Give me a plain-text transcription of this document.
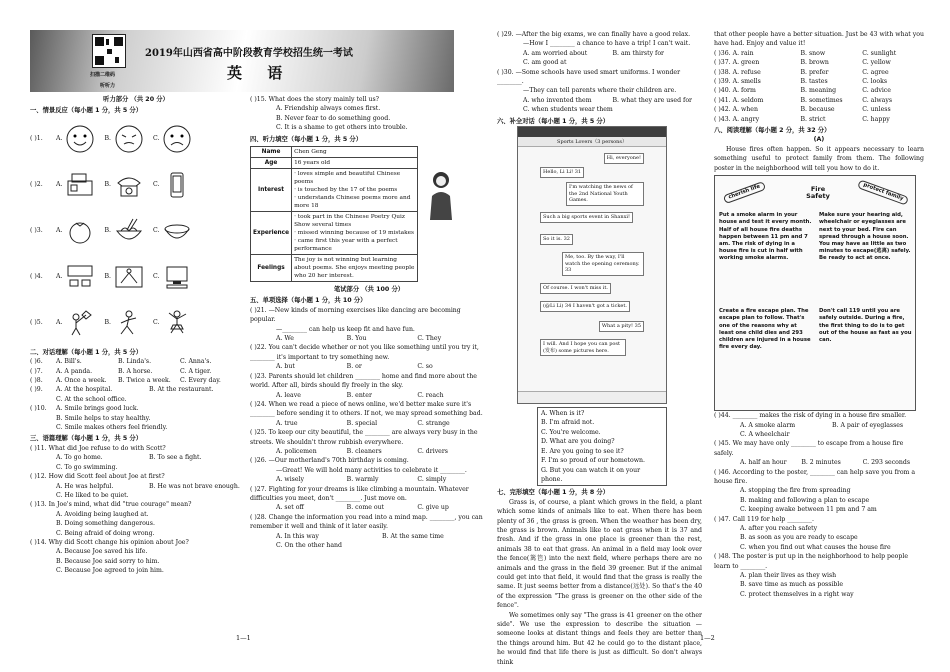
扫描二维码
听听力
2019年山西省高中阶段教育学校招生统一考试
英 语
听力部分 （共 20 分）
一、情景反应（每小题 1 分，共 5 分）
( )1.	A.	B.	C.
( )2.	A.	B.	C.
( )3.	A.	B.	C.
( )4.	A.	B.	C.
( )5.	A.	B.	C.
二、对话理解（每小题 1 分，共 5 分）
( )6.	A. Bill's.	B. Linda's.	C. Anna's.
( )7.	A. A panda.	B. A horse.	C. A tiger.
( )8.	A. Once a week.	B. Twice a week.	C. Every day.
( )9.	A. At the hospital.	B. At the restaurant.
C. At the school office.
( )10.	A. Smile brings good luck.
B. Smile helps to stay healthy.
C. Smile makes others feel friendly.
三、语篇理解（每小题 1 分，共 5 分）
( )11. What did Joe refuse to do with Scott?
A. To go home.	B. To see a fight.
C. To go swimming.
( )12. How did Scott feel about Joe at first?
A. He was helpful.	B. He was not brave enough.
C. He liked to be quiet.
( )13. In Joe's mind, what did "true courage" mean?
A. Avoiding being laughed at.
B. Doing something dangerous.
C. Being afraid of doing wrong.
( )14. Why did Scott change his opinion about Joe?
A. Because Joe saved his life.
B. Because Joe said sorry to him.
C. Because Joe agreed to join him.
( )15. What does the story mainly tell us?
A. Friendship always comes first.
B. Never fear to do something good.
C. It is a shame to get others into trouble.
四、听力填空（每小题 1 分，共 5 分）
Name	Chen Geng
Age	16 years old
Interest	· loves simple and beautiful Chinese poems
· is touched by the 17 of the poems
· understands Chinese poems more and more 18

Experience	· took part in the Chinese Poetry Quiz Show several times
· missed winning because of 19 mistakes
· came first this year with a perfect performance

Feelings	The joy is not winning but learning about poems. She enjoys meeting people who 20 her interest.
笔试部分 （共 100 分）
五、单项选择（每小题 1 分，共 10 分）
( )21. —New kinds of morning exercises like dancing are becoming popular.
—________ can help us keep fit and have fun.
A. We	B. You	C. They
( )22. You can't decide whether or not you like something until you try it, ________ it's important to try something new.
A. but	B. or	C. so
( )23. Parents should let children ________ home and find more about the world. After all, birds should fly freely in the sky.
A. leave	B. enter	C. reach
( )24. When we read a piece of news online, we'd better make sure it's ________ before sending it to others. If not, we may spread something bad.
A. true	B. special	C. strange
( )25. To keep our city beautiful, the ________ are always very busy in the streets. We shouldn't throw rubbish everywhere.
A. policemen	B. cleaners	C. drivers
( )26. —Our motherland's 70th birthday is coming.
—Great! We will hold many activities to celebrate it ________.
A. wisely	B. warmly	C. simply
( )27. Fighting for your dreams is like climbing a mountain. Whatever difficulties you meet, don't ________. Just move on.
A. set off	B. come out	C. give up
( )28. Change the information you read into a mind map. ________, you can remember it well and think of it later easily.
A. In this way	B. At the same time
C. On the other hand
( )29. —After the big exams, we can finally have a good relax.
—How I ________ a chance to have a trip! I can't wait.
A. am worried about	B. am thirsty for
C. am good at
( )30. —Some schools have used smart uniforms. I wonder ________.
—They can tell parents where their children are.
A. who invented them	B. what they are used for
C. when students wear them
六、补全对话（每小题 1 分，共 5 分）
Sports Lovers（3 persons）
Hi, everyone!
Hello, Li Li! 31
I'm watching the news of the 2nd National Youth Games.
Such a big sports event in Shanxi!
So it is. 32
Me, too. By the way, I'll watch the opening ceremony. 33
Of course. I won't miss it.
(@Li Li) 34 I haven't got a ticket.
What a pity! 35
I will. And I hope you can post (发布) some pictures here.
A. When is it?
B. I'm afraid not.
C. You're welcome.
D. What are you doing?
E. Are you going to see it?
F. I'm so proud of our hometown.
G. But you can watch it on your phone.
七、完形填空（每小题 1 分，共 8 分）
Grass is, of course, a plant which grows in the field, a plant which some kinds of animals like to eat. When there has been plenty of 36 , the grass is green. When the weather has been dry, the grass is brown. Animals like to eat grass when it is 37 and fresh. And if the grass in one place is greener than the rest, animals 38 to eat that grass. An animal in a field may look over the fence(篱笆) into the next field, where perhaps there are no animals and the grass in the field 39 greener. But if the animal could get into that field, it would find that the grass is really the same. It just seems better from a distance(远处). So that's the 40 of the expression "The grass is greener on the other side of the fence".
We sometimes only say "The grass is 41 greener on the other side". We use the expression to describe the situation — someone looks at distant things and feels they are better than the things around him. But 42 he could go to the distant place, he would find that life there is just as difficult. So don't always think
that other people have a better situation. Just be 43 with what you have had. Enjoy and value it!
( )36. A. rain	B. snow	C. sunlight
( )37. A. green	B. brown	C. yellow
( )38. A. refuse	B. prefer	C. agree
( )39. A. smells	B. tastes	C. looks
( )40. A. form	B. meaning	C. advice
( )41. A. seldom	B. sometimes	C. always
( )42. A. when	B. because	C. unless
( )43. A. angry	B. strict	C. happy
八、阅读理解（每小题 2 分，共 32 分）
(A)
House fires often happen. So it appears necessary to learn something useful to protect family from them. The following poster in the neighborhood will tell you how to do it.
cherish life	Fire Safety	protect family
Put a smoke alarm in your house and test it every month. Half of all house fire deaths happen between 11 pm and 7 am. The risk of dying in a house fire is cut in half with working smoke alarms.
Make sure your hearing aid, wheelchair or eyeglasses are next to your bed. Fire can spread through a house soon. You may have as little as two minutes to escape(逃离) safely. Be ready to act at once.
Create a fire escape plan. The escape plan to follow. That's one of the reasons why at least one child dies and 293 children are injured in a house fire every day.
Don't call 119 until you are safely outside. During a fire, the first thing to do is to get out of the house as fast as you can.
( )44. ________ makes the risk of dying in a house fire smaller.
A. A smoke alarm	B. A pair of eyeglasses
C. A wheelchair
( )45. We may have only ________ to escape from a house fire safely.
A. half an hour	B. 2 minutes	C. 293 seconds
( )46. According to the poster, ________ can help save you from a house fire.
A. stopping the fire from spreading
B. making and following a plan to escape
C. keeping awake between 11 pm and 7 am
( )47. Call 119 for help ________.
A. after you reach safety
B. as soon as you are ready to escape
C. when you find out what causes the house fire
( )48. The poster is put up in the neighborhood to help people learn to ________.
A. plan their lives as they wish
B. save time as much as possible
C. protect themselves in a right way
1—1	1—2
